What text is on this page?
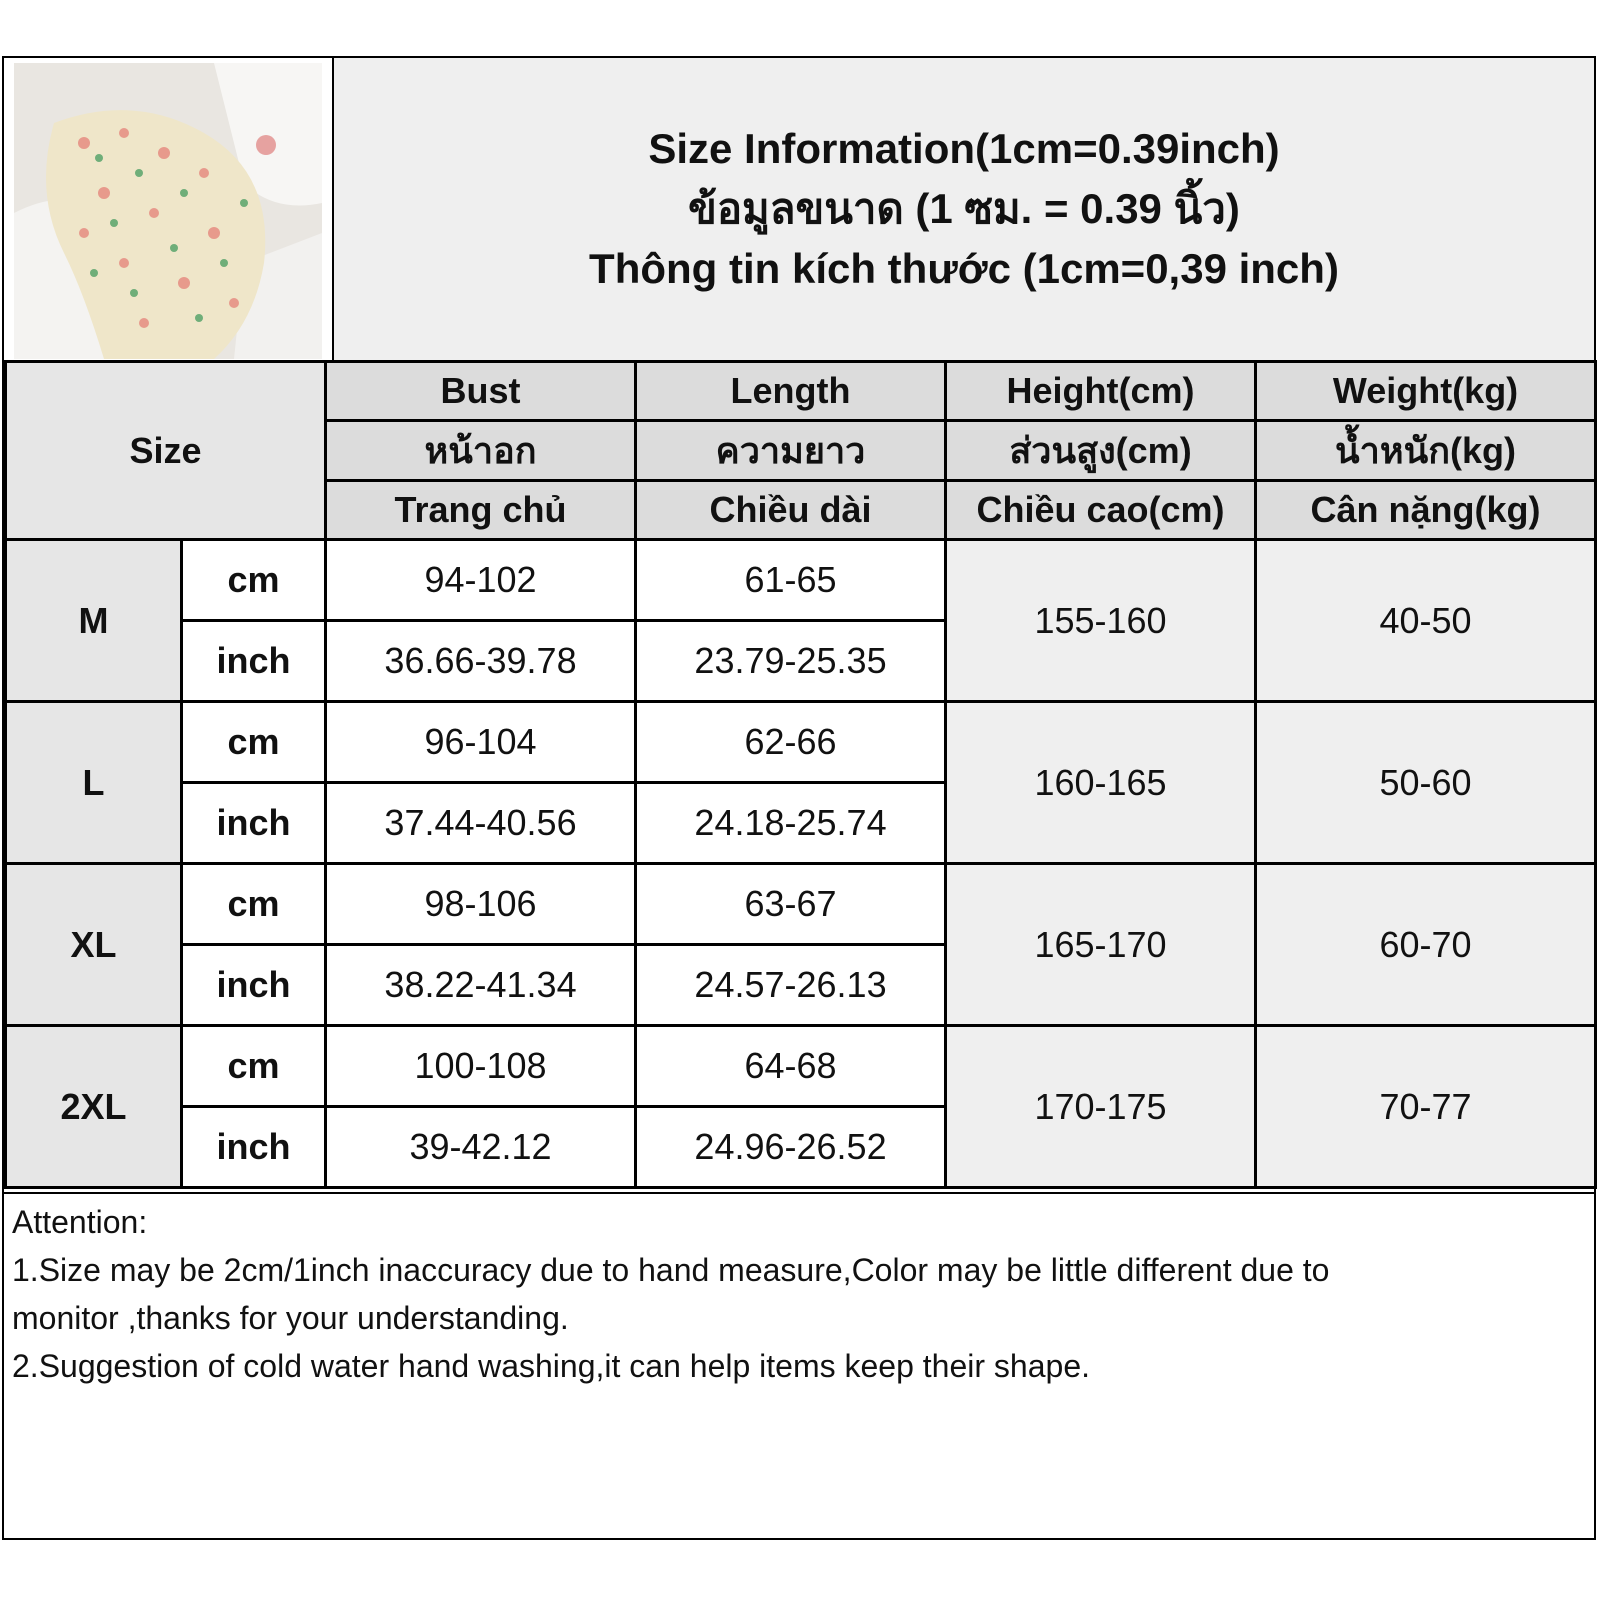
Size Information(1cm=0.39inch)
ข้อมูลขนาด (1 ซม. = 0.39 นิ้ว)
Thông tin kích thước (1cm=0,39 inch)
Size		Bust	Length	Height(cm)	Weight(kg)
		หน้าอก	ความยาว	ส่วนสูง(cm)	น้ำหนัก(kg)
		Trang chủ	Chiều dài	Chiều cao(cm)	Cân nặng(kg)
M	cm	94-102	61-65	155-160	40-50
	inch	36.66-39.78	23.79-25.35		
L	cm	96-104	62-66	160-165	50-60
	inch	37.44-40.56	24.18-25.74		
XL	cm	98-106	63-67	165-170	60-70
	inch	38.22-41.34	24.57-26.13		
2XL	cm	100-108	64-68	170-175	70-77
	inch	39-42.12	24.96-26.52		
Attention:
1.Size may be 2cm/1inch inaccuracy due to hand measure,Color may be little different due to
monitor ,thanks for your understanding.
2.Suggestion of cold water hand washing,it can help items keep their shape.
